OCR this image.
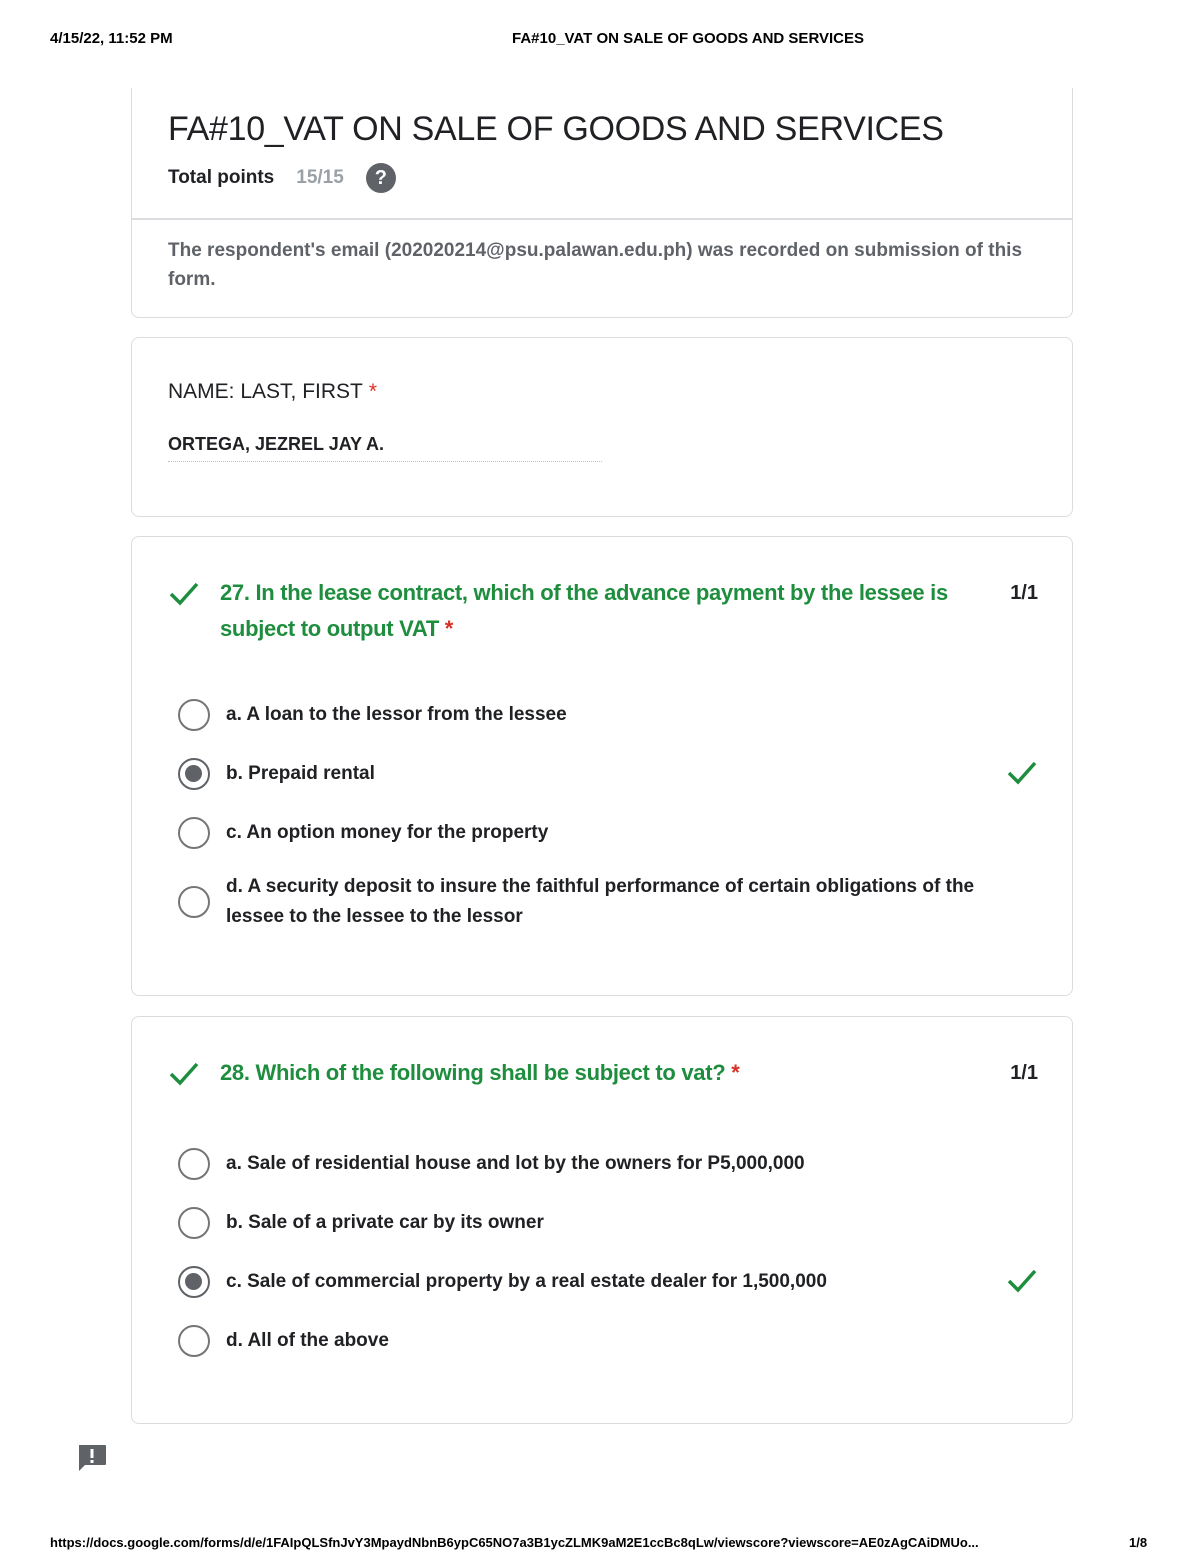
4/15/22, 11:52 PM	FA#10_VAT ON SALE OF GOODS AND SERVICES
FA#10_VAT ON SALE OF GOODS AND SERVICES
Total points 15/15	?
The respondent's email (202020214@psu.palawan.edu.ph) was recorded on submission of this form.
NAME: LAST, FIRST *
ORTEGA, JEZREL JAY A.
27. In the lease contract, which of the advance payment by the lessee is subject to output VAT *
1/1
a. A loan to the lessor from the lessee
b. Prepaid rental
c. An option money for the property
d. A security deposit to insure the faithful performance of certain obligations of the lessee to the lessee to the lessor
28. Which of the following shall be subject to vat? *	1/1
a. Sale of residential house and lot by the owners for P5,000,000
b. Sale of a private car by its owner
c. Sale of commercial property by a real estate dealer for 1,500,000
d. All of the above
https://docs.google.com/forms/d/e/1FAIpQLSfnJvY3MpaydNbnB6ypC65NO7a3B1ycZLMK9aM2E1ccBc8qLw/viewscore?viewscore=AE0zAgCAiDMUo...	1/8
